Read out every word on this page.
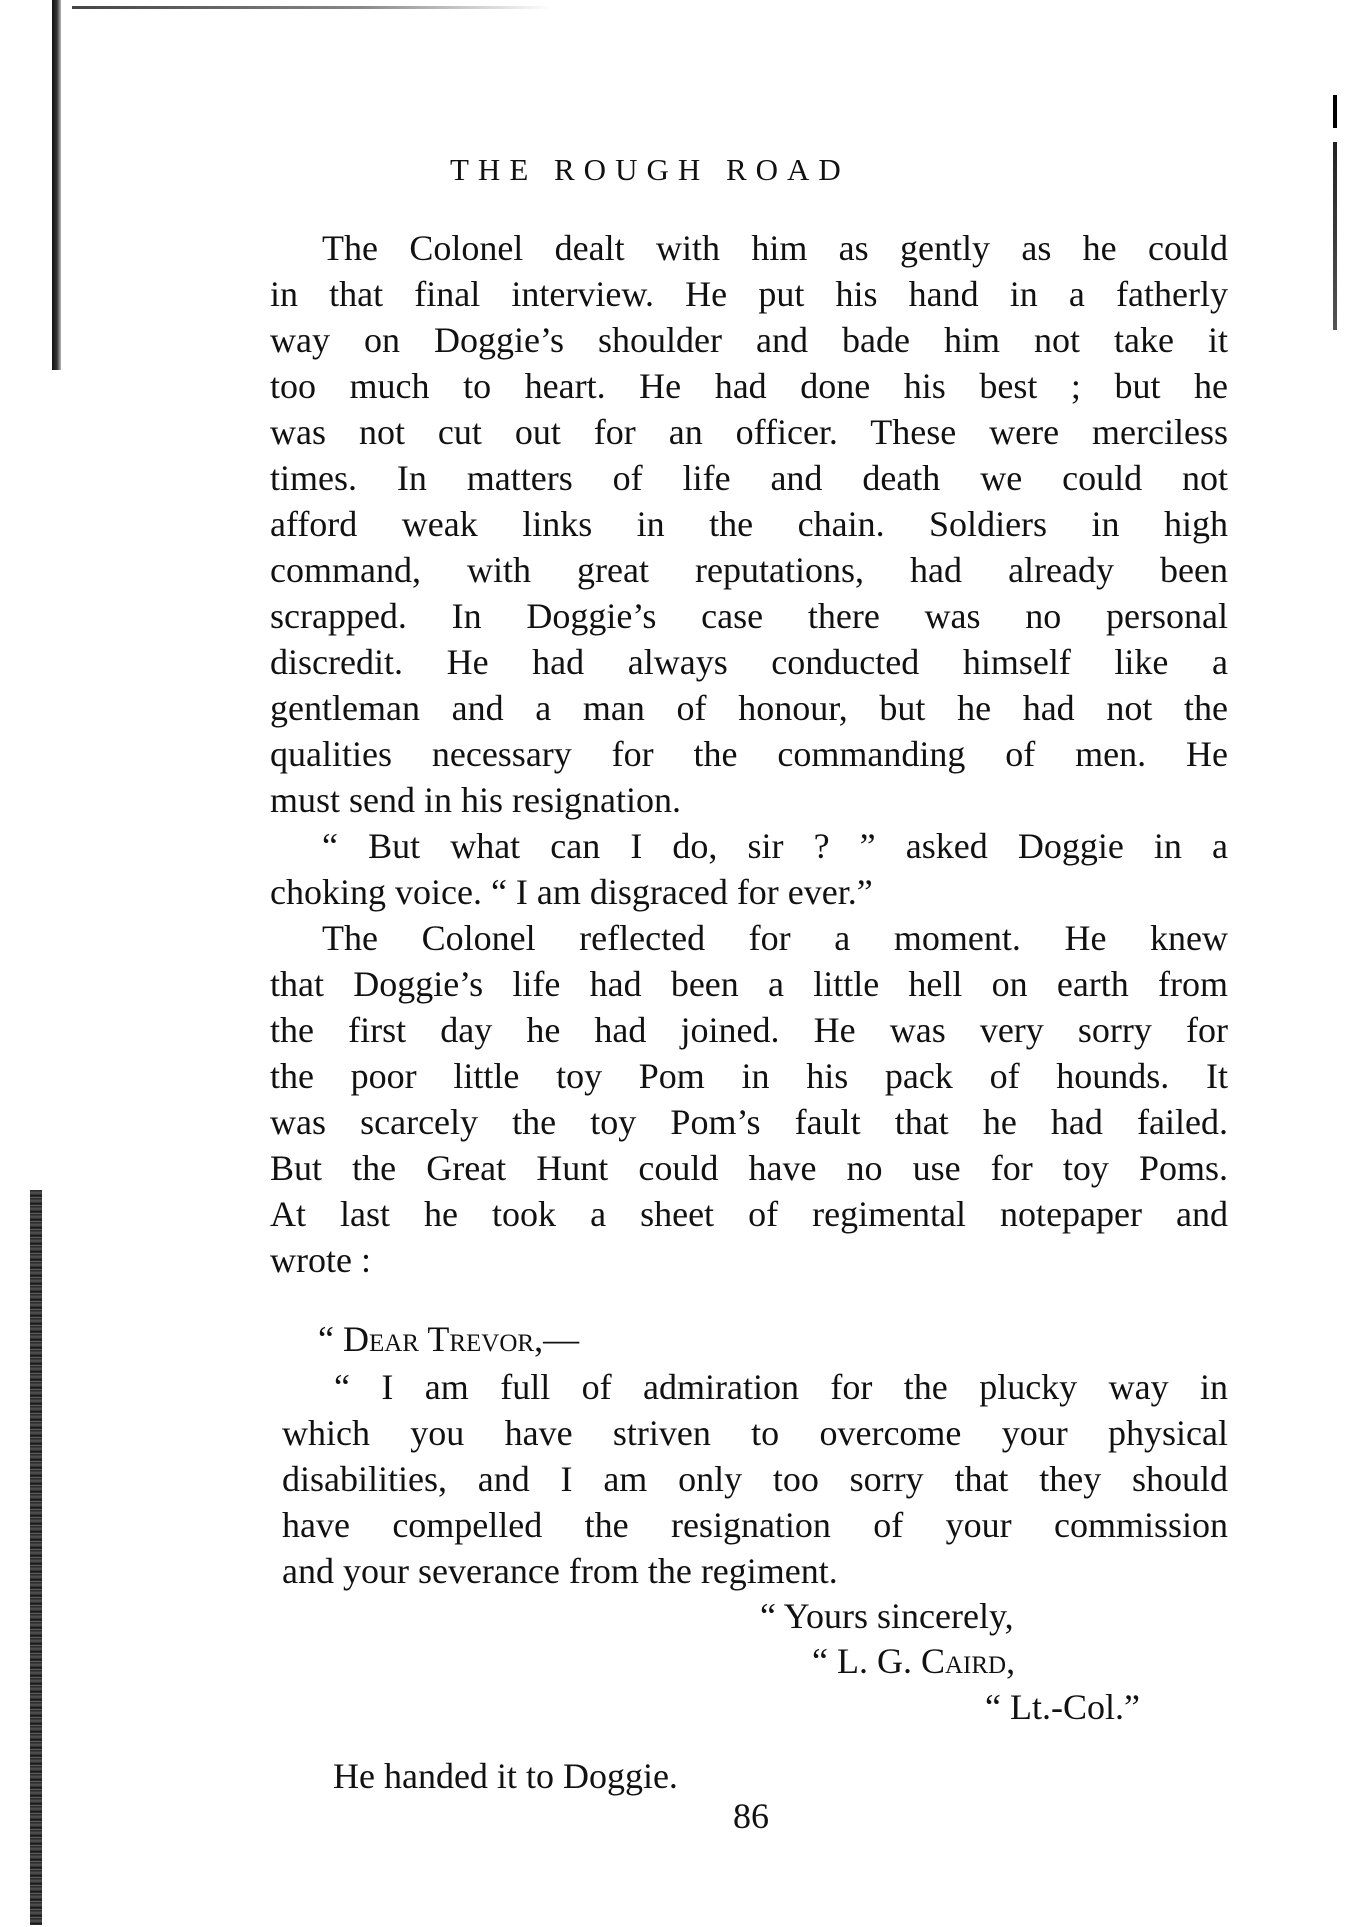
THE ROUGH ROAD
The Colonel dealt with him as gently as he could
in that final interview. He put his hand in a fatherly
way on Doggie’s shoulder and bade him not take it
too much to heart. He had done his best ; but he
was not cut out for an officer. These were merciless
times. In matters of life and death we could not
afford weak links in the chain. Soldiers in high
command, with great reputations, had already been
scrapped. In Doggie’s case there was no personal
discredit. He had always conducted himself like a
gentleman and a man of honour, but he had not the
qualities necessary for the commanding of men. He
must send in his resignation.
“ But what can I do, sir ? ” asked Doggie in a
choking voice. “ I am disgraced for ever.”
The Colonel reflected for a moment. He knew
that Doggie’s life had been a little hell on earth from
the first day he had joined. He was very sorry for
the poor little toy Pom in his pack of hounds. It
was scarcely the toy Pom’s fault that he had failed.
But the Great Hunt could have no use for toy Poms.
At last he took a sheet of regimental notepaper and
wrote :
“ Dear Trevor,—
“ I am full of admiration for the plucky way in
which you have striven to overcome your physical
disabilities, and I am only too sorry that they should
have compelled the resignation of your commission
and your severance from the regiment.
“ Yours sincerely,
“ L. G. Caird,
“ Lt.-Col.”
He handed it to Doggie.
86
